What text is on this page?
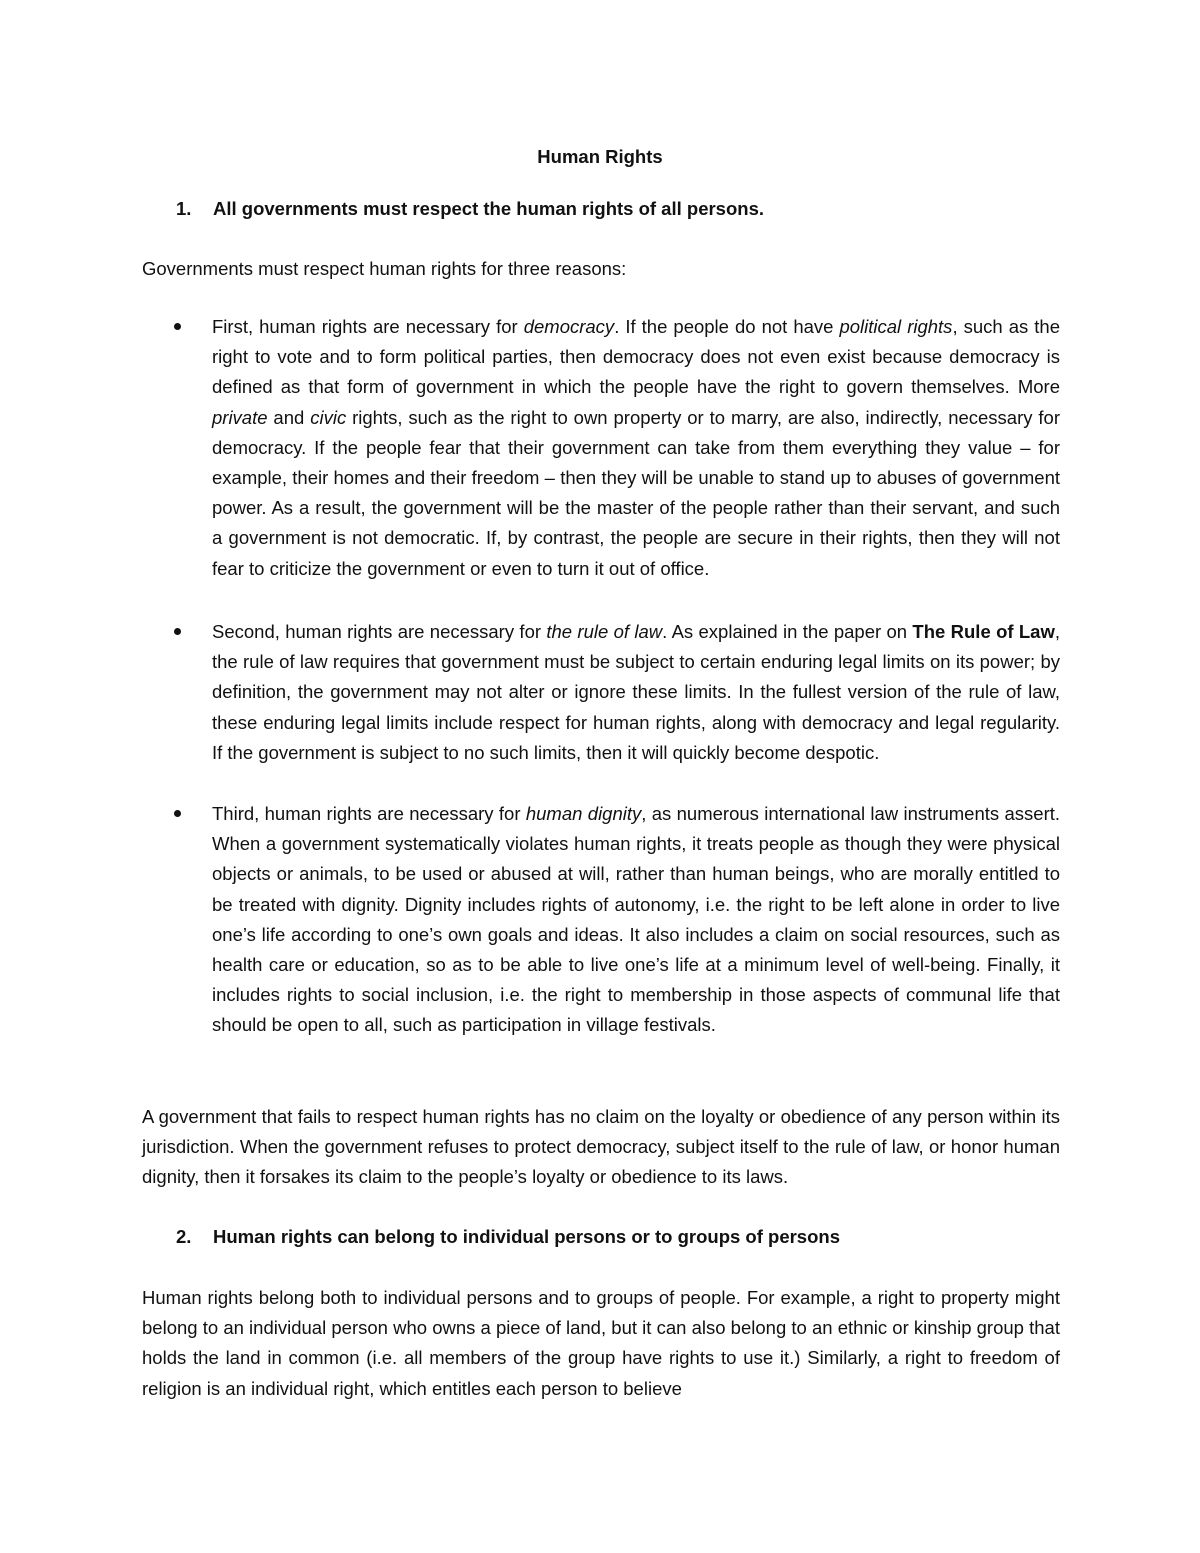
Human Rights
1. All governments must respect the human rights of all persons.
Governments must respect human rights for three reasons:
First, human rights are necessary for democracy. If the people do not have political rights, such as the right to vote and to form political parties, then democracy does not even exist because democracy is defined as that form of government in which the people have the right to govern themselves. More private and civic rights, such as the right to own property or to marry, are also, indirectly, necessary for democracy. If the people fear that their government can take from them everything they value – for example, their homes and their freedom – then they will be unable to stand up to abuses of government power. As a result, the government will be the master of the people rather than their servant, and such a government is not democratic. If, by contrast, the people are secure in their rights, then they will not fear to criticize the government or even to turn it out of office.
Second, human rights are necessary for the rule of law. As explained in the paper on The Rule of Law, the rule of law requires that government must be subject to certain enduring legal limits on its power; by definition, the government may not alter or ignore these limits. In the fullest version of the rule of law, these enduring legal limits include respect for human rights, along with democracy and legal regularity. If the government is subject to no such limits, then it will quickly become despotic.
Third, human rights are necessary for human dignity, as numerous international law instruments assert. When a government systematically violates human rights, it treats people as though they were physical objects or animals, to be used or abused at will, rather than human beings, who are morally entitled to be treated with dignity. Dignity includes rights of autonomy, i.e. the right to be left alone in order to live one’s life according to one’s own goals and ideas. It also includes a claim on social resources, such as health care or education, so as to be able to live one’s life at a minimum level of well-being. Finally, it includes rights to social inclusion, i.e. the right to membership in those aspects of communal life that should be open to all, such as participation in village festivals.
A government that fails to respect human rights has no claim on the loyalty or obedience of any person within its jurisdiction. When the government refuses to protect democracy, subject itself to the rule of law, or honor human dignity, then it forsakes its claim to the people’s loyalty or obedience to its laws.
2. Human rights can belong to individual persons or to groups of persons
Human rights belong both to individual persons and to groups of people. For example, a right to property might belong to an individual person who owns a piece of land, but it can also belong to an ethnic or kinship group that holds the land in common (i.e. all members of the group have rights to use it.) Similarly, a right to freedom of religion is an individual right, which entitles each person to believe
